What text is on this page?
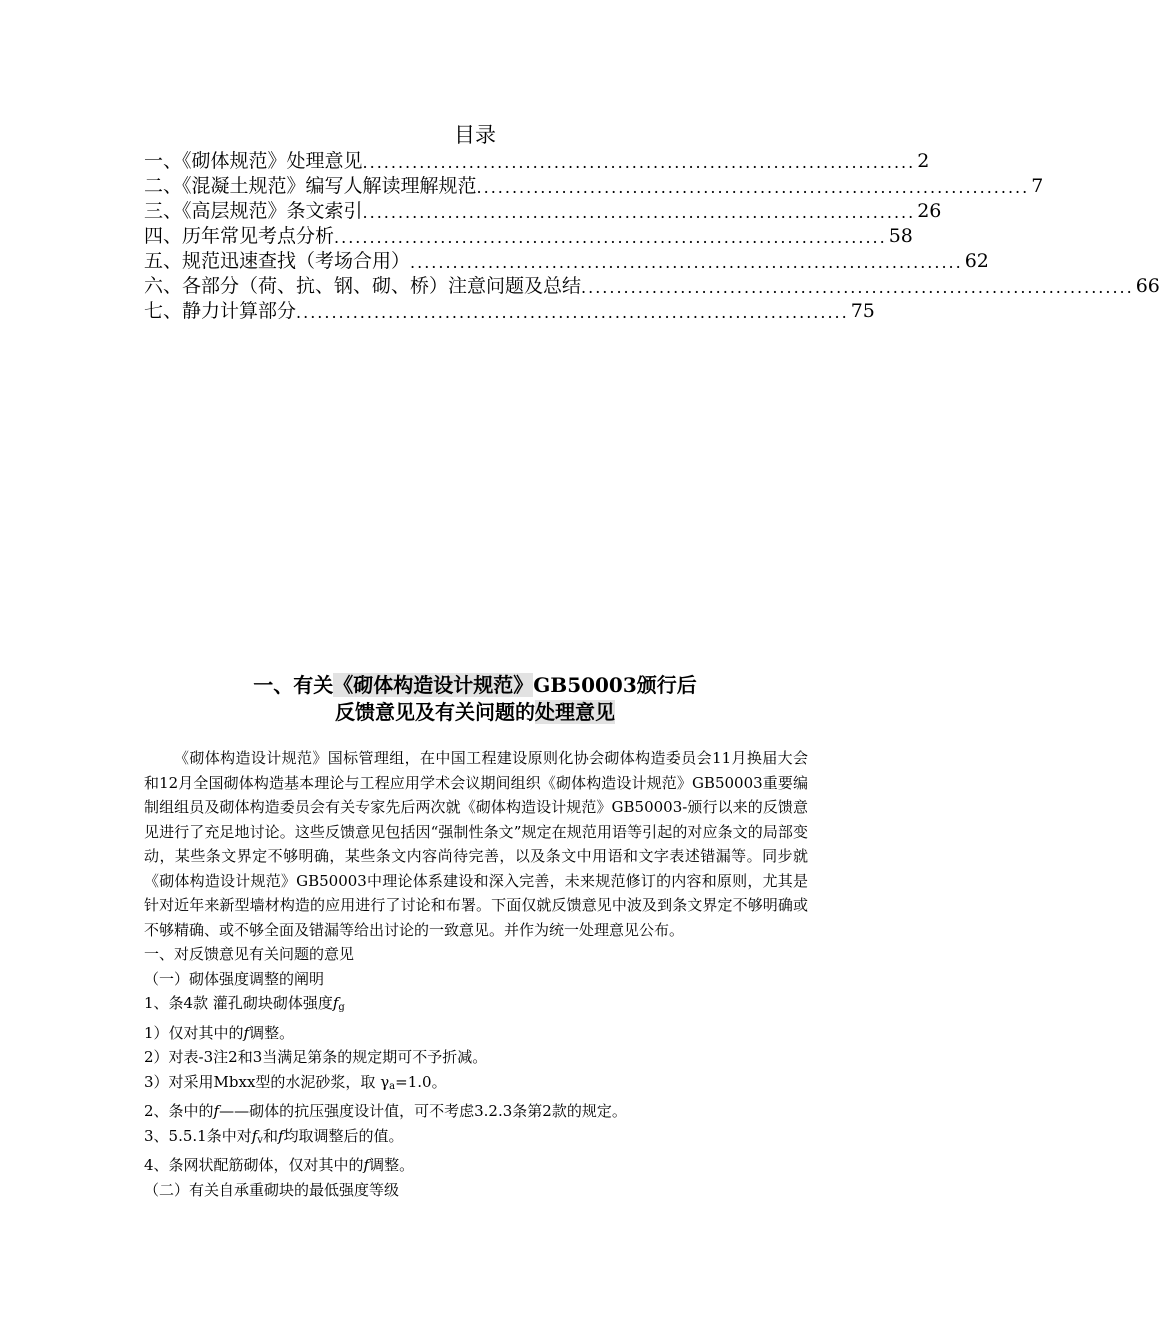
目录
一、《砌体规范》处理意见 .............................................................................. 2
二、《混凝土规范》编写人解读理解规范 .............................................................................. 7
三、《高层规范》条文索引 .............................................................................. 26
四、历年常见考点分析 .............................................................................. 58
五、规范迅速查找（考场合用） .............................................................................. 62
六、各部分（荷、抗、钢、砌、桥）注意问题及总结 .............................................................................. 66
七、静力计算部分 .............................................................................. 75
一、有关《砌体构造设计规范》GB50003颁行后
反馈意见及有关问题的处理意见

《砌体构造设计规范》国标管理组，在中国工程建设原则化协会砌体构造委员会11月换届大会和12月全国砌体构造基本理论与工程应用学术会议期间组织《砌体构造设计规范》GB50003重要编制组组员及砌体构造委员会有关专家先后两次就《砌体构造设计规范》GB50003-颁行以来的反馈意见进行了充足地讨论。这些反馈意见包括因“强制性条文”规定在规范用语等引起的对应条文的局部变动，某些条文界定不够明确，某些条文内容尚待完善，以及条文中用语和文字表述错漏等。同步就《砌体构造设计规范》GB50003中理论体系建设和深入完善，未来规范修订的内容和原则，尤其是针对近年来新型墙材构造的应用进行了讨论和布署。下面仅就反馈意见中波及到条文界定不够明确或不够精确、或不够全面及错漏等给出讨论的一致意见。并作为统一处理意见公布。

一、对反馈意见有关问题的意见

（一）砌体强度调整的阐明

1、条4款 灌孔砌块砌体强度$f_g$

1）仅对其中的f调整。

2）对表-3注2和3当满足第条的规定期可不予折减。

3）对采用Mbxx型的水泥砂浆，取 $\gamma_a=1.0$。

2、条中的f——砌体的抗压强度设计值，可不考虑3.2.3条第2款的规定。

3、5.5.1条中对$f_v$和f均取调整后的值。

4、条网状配筋砌体，仅对其中的f调整。

（二）有关自承重砌块的最低强度等级
